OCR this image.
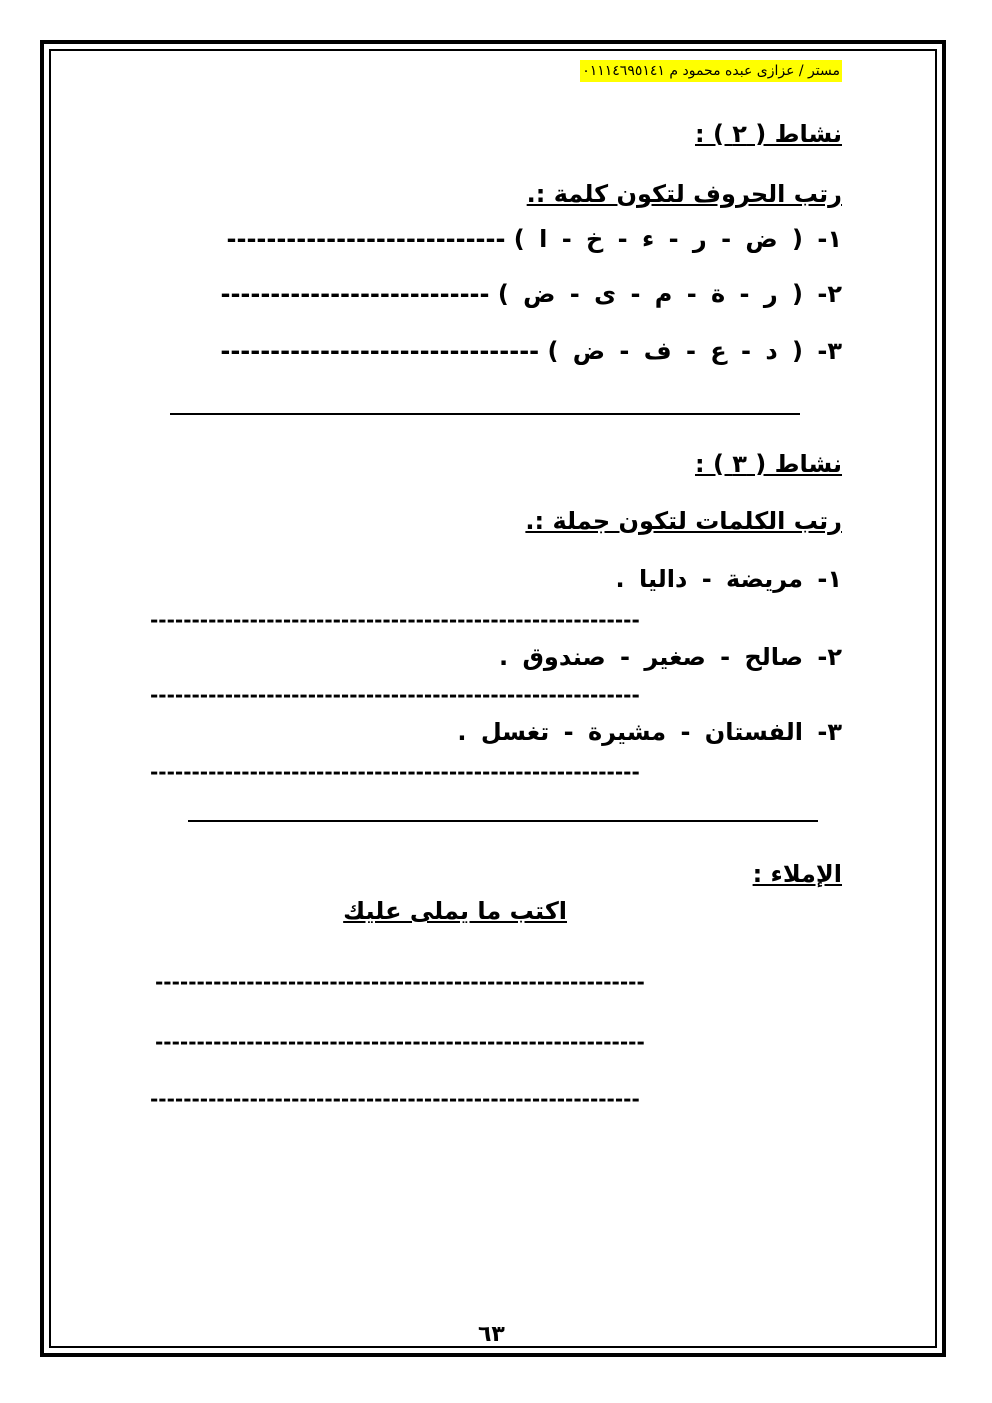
مستر / عزازى عبده محمود م ٠١١١٤٦٩٥١٤١
نشاط ( ٢ ) :
رتب الحروف لتكون كلمة :.
١- ( ض - ر - ء - خ - ا ) ----------------------------
٢- ( ر - ة - م - ى - ض ) ---------------------------
٣- ( د - ع - ف - ض ) --------------------------------
نشاط ( ٣ ) :
رتب الكلمات لتكون جملة :.
١- مريضة - داليا .
-----------------------------------------------------------
٢- صالح - صغير - صندوق .
-----------------------------------------------------------
٣- الفستان - مشيرة - تغسل .
-----------------------------------------------------------
الإملاء :
اكتب ما يملى عليك
-----------------------------------------------------------
-----------------------------------------------------------
-----------------------------------------------------------
٦٣
